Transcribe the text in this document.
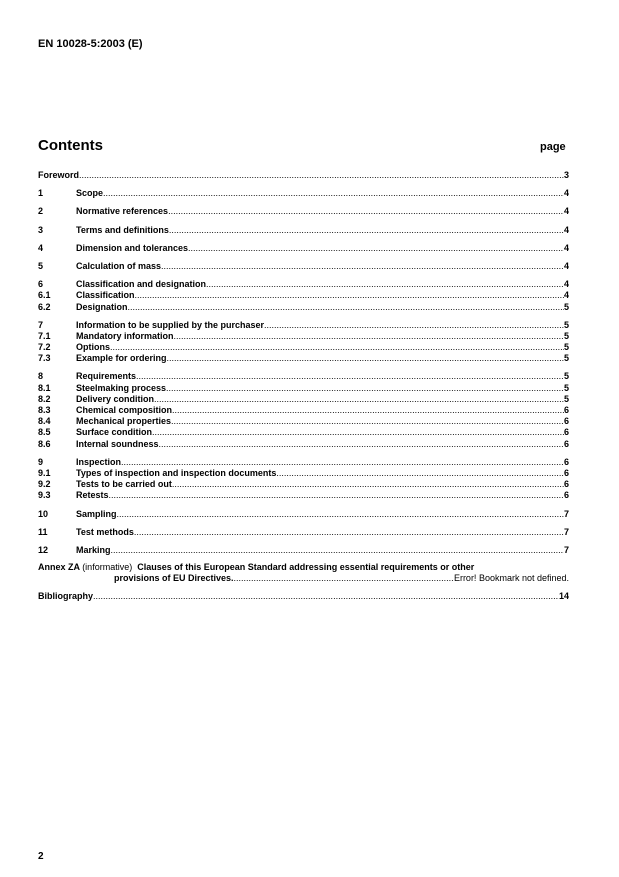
EN 10028-5:2003 (E)
Contents	page
Foreword .....	3
1	Scope .....	4
2	Normative references .....	4
3	Terms and definitions .....	4
4	Dimension and tolerances .....	4
5	Calculation of mass .....	4
6	Classification and designation .....	4
6.1	Classification .....	4
6.2	Designation .....	5
7	Information to be supplied by the purchaser .....	5
7.1	Mandatory information .....	5
7.2	Options .....	5
7.3	Example for ordering .....	5
8	Requirements .....	5
8.1	Steelmaking process .....	5
8.2	Delivery condition .....	5
8.3	Chemical composition .....	6
8.4	Mechanical properties .....	6
8.5	Surface condition .....	6
8.6	Internal soundness .....	6
9	Inspection .....	6
9.1	Types of inspection and inspection documents .....	6
9.2	Tests to be carried out .....	6
9.3	Retests .....	6
10	Sampling .....	7
11	Test methods .....	7
12	Marking .....	7
Annex ZA (informative) Clauses of this European Standard addressing essential requirements or other
provisions of EU Directives. .....	Error! Bookmark not defined.
Bibliography .....	14
2
